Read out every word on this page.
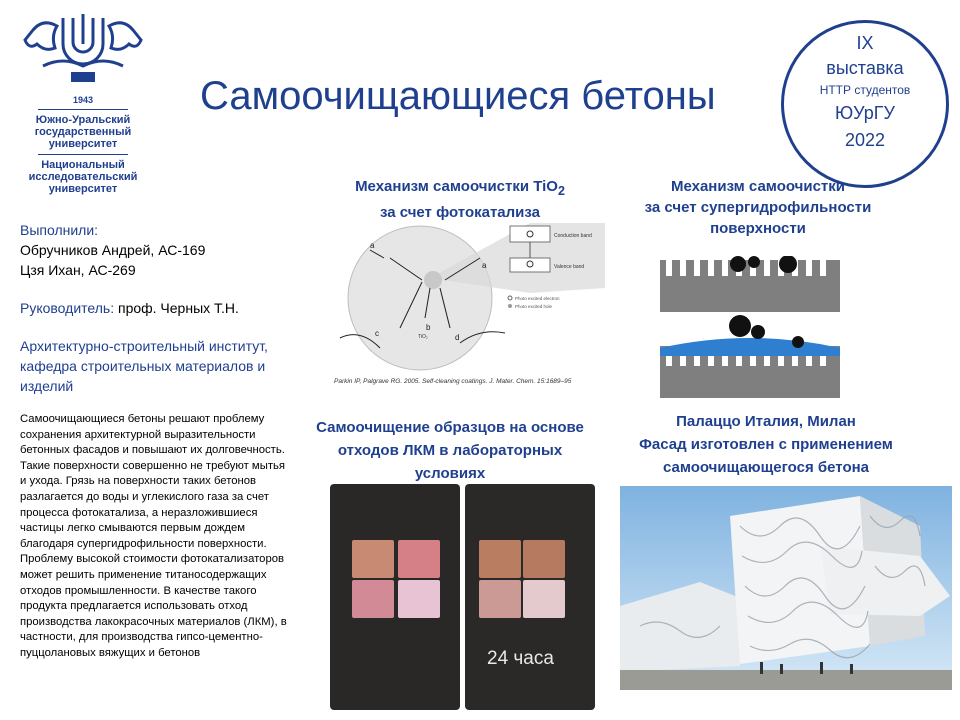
1943
Южно-Уральский
государственный
университет
Национальный
исследовательский
университет
Самоочищающиеся бетоны
IX
выставка
НТТР студентов
ЮУрГУ
2022
Выполнили:
Обручников Андрей, АС-169
Цзя Ихан, АС-269
Руководитель: проф. Черных Т.Н.
Архитектурно-строительный институт, кафедра строительных материалов и изделий
Самоочищающиеся бетоны решают проблему сохранения архитектурной выразительности бетонных фасадов и повышают их долговечность. Такие поверхности совершенно не требуют мытья и ухода. Грязь на поверхности таких бетонов разлагается до воды и углекислого газа за счет процесса фотокатализа, а неразложившиеся частицы легко смываются первым дождем благодаря супергидрофильности поверхности. Проблему высокой стоимости фотокатализаторов может решить применение титаносодержащих отходов промышленности. В качестве такого продукта предлагается использовать отход производства лакокрасочных материалов (ЛКМ), в частности, для производства гипсо-цементно-пуццолановых вяжущих и бетонов
Механизм самоочистки TiO$_2$
за счет фотокатализа
Conduction band
Valence band
a
a
c
b
d
TiO₂
Photo excited electron
Photo excited hole
Parkin IP, Palgrave RG. 2005. Self-cleaning coatings. J. Mater. Chem. 15:1689–95
Механизм самоочистки
за счет супергидрофильности
поверхности
Самоочищение образцов на основе
отходов ЛКМ в лабораторных
условиях
24 часа
Палаццо Италия, Милан
Фасад изготовлен с применением
самоочищающегося бетона
